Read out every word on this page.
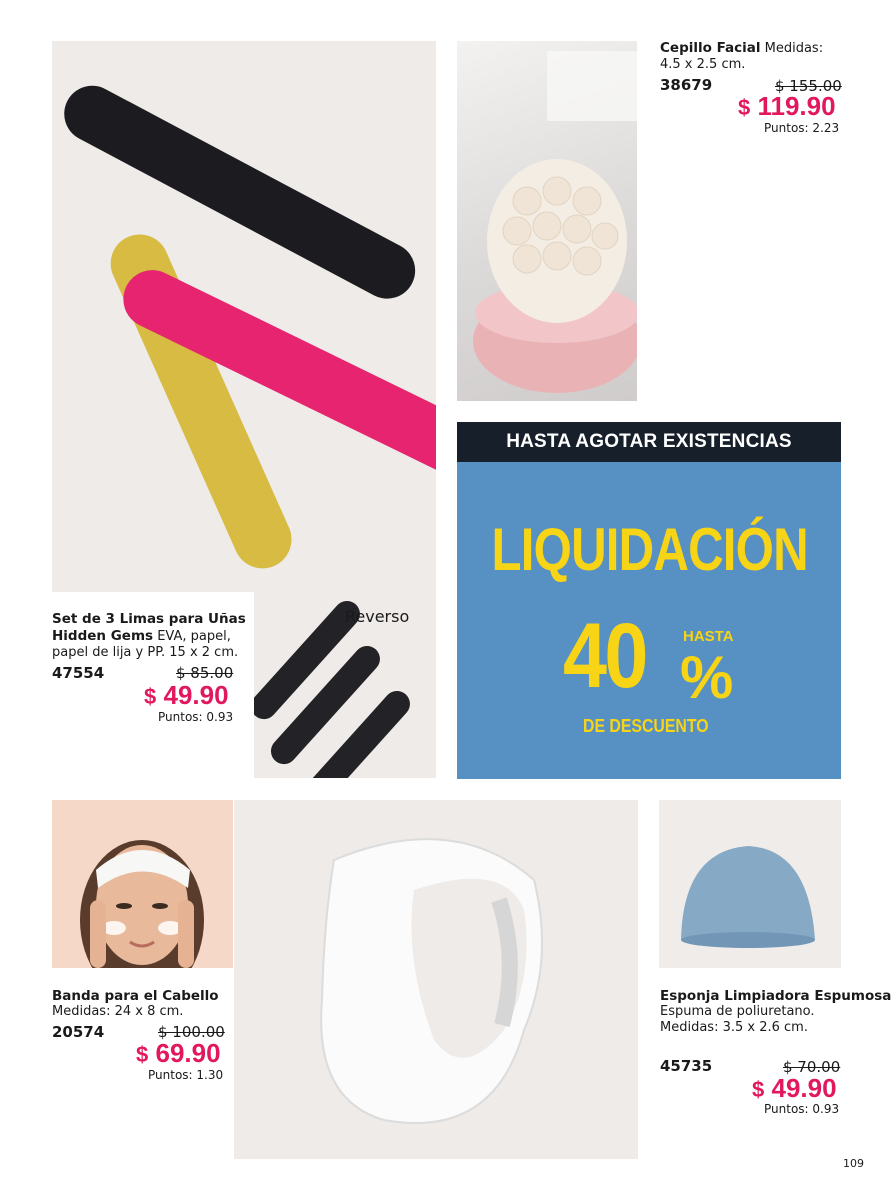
Reverso
Set de 3 Limas para Uñas Hidden Gems EVA, papel, papel de lija y PP. 15 x 2 cm.
47554	$ 85.00
$ 49.90
Puntos: 0.93
Cepillo Facial Medidas: 4.5 x 2.5 cm.
38679	$ 155.00
$ 119.90
Puntos: 2.23
HASTA AGOTAR EXISTENCIAS
LIQUIDACIÓN
40 HASTA
%
DE DESCUENTO
Banda para el Cabello
Medidas: 24 x 8 cm.
20574	$ 100.00
$ 69.90
Puntos: 1.30
Esponja Limpiadora Espumosa
Espuma de poliuretano. Medidas: 3.5 x 2.6 cm.
45735	$ 70.00
$ 49.90
Puntos: 0.93
109
